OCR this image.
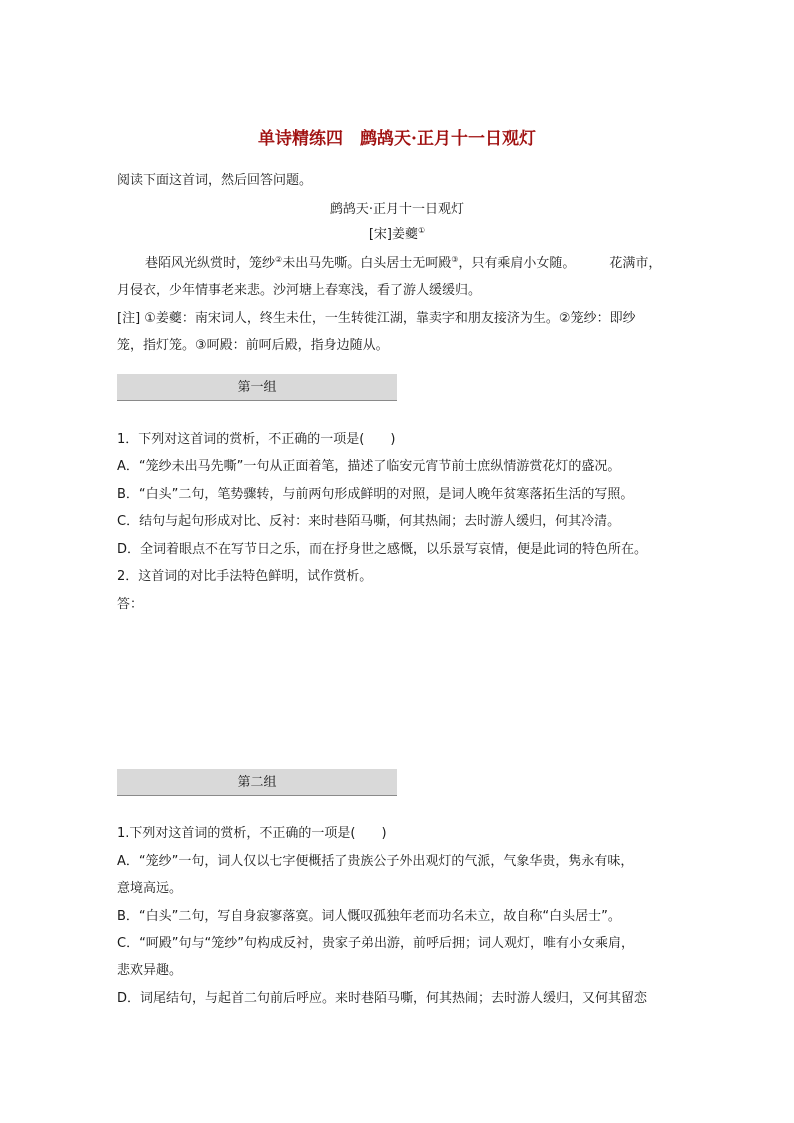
单诗精练四　鹧鸪天·正月十一日观灯
阅读下面这首词，然后回答问题。
鹧鸪天·正月十一日观灯
[宋]姜夔①
巷陌风光纵赏时，笼纱②未出马先嘶。白头居士无呵殿③，只有乘肩小女随。	花满市，
月侵衣，少年情事老来悲。沙河塘上春寒浅，看了游人缓缓归。
[注] ①姜夔：南宋词人，终生未仕，一生转徙江湖，靠卖字和朋友接济为生。②笼纱：即纱
笼，指灯笼。③呵殿：前呵后殿，指身边随从。
第一组
1．下列对这首词的赏析，不正确的一项是(　　)
A．“笼纱未出马先嘶”一句从正面着笔，描述了临安元宵节前士庶纵情游赏花灯的盛况。
B．“白头”二句，笔势骤转，与前两句形成鲜明的对照，是词人晚年贫寒落拓生活的写照。
C．结句与起句形成对比、反衬：来时巷陌马嘶，何其热闹；去时游人缓归，何其冷清。
D．全词着眼点不在写节日之乐，而在抒身世之感慨，以乐景写哀情，便是此词的特色所在。
2．这首词的对比手法特色鲜明，试作赏析。
答：
第二组
1.下列对这首词的赏析，不正确的一项是(　　)
A．“笼纱”一句，词人仅以七字便概括了贵族公子外出观灯的气派，气象华贵，隽永有味，
意境高远。
B．“白头”二句，写自身寂寥落寞。词人慨叹孤独年老而功名未立，故自称“白头居士”。
C．“呵殿”句与“笼纱”句构成反衬，贵家子弟出游，前呼后拥；词人观灯，唯有小女乘肩，
悲欢异趣。
D．词尾结句，与起首二句前后呼应。来时巷陌马嘶，何其热闹；去时游人缓归，又何其留恋
